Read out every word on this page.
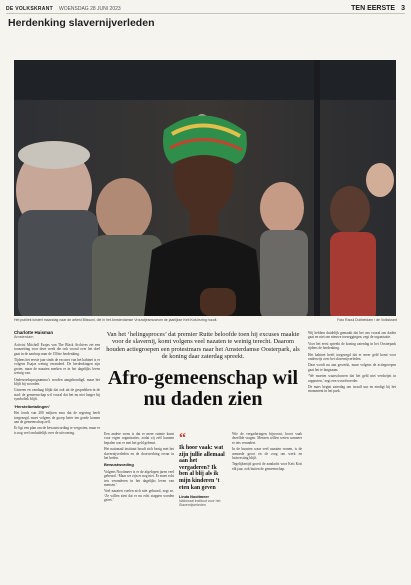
DE VOLKSKRANT WOENSDAG 28 JUNI 2023	TEN EERSTE 3
Herdenking slavernijverleden
Het publiek luistert maandag naar de artiest Blissoni, die in het Amsterdamse Vrouwtjesmuseum de jaarlijkse Keti Koti-lezing houdt.	Foto Raoul Dubbeldam / de Volkskrant
Charlotte Huisman
Amsterdam

Activist Mitchell Esajas van The Black Archives zet een toonzetting voor deze week die ook vooral over het doel gaat in de aanloop naar de 150ste herdenking.

Tijdens het eerste jaar sinds de excuses van het kabinet is er volgens Esajas weinig veranderd. De herdenkingen zijn groter, maar de nazaten merken er in het dagelijks leven weinig van.

Onderzoeksprogramma’s worden aangekondigd, maar het blijft bij woorden.

Gisteren en vandaag blijkt dat ook uit de gesprekken in de stad: de gemeenschap wil vooral dat het nu niet langer bij symboliek blijft.

‘Herstelbetalingen’

Het fonds van 200 miljoen euro dat de regering heeft toegezegd, moet volgens de groep beter ten goede komen aan de gemeenschap zelf.

Er ligt een plan om de bewustwording te vergroten, maar er is nog veel onduidelijk over de uitvoering.

Van het ‘helingsproces’ dat premier Rutte beloofde toen hij excuses maakte voor de slavernij, komt volgens veel nazaten te weinig terecht. Daarom houden actiegroepen een protestmars naar het Amsterdamse Oosterpark, als de koning daar zaterdag spreekt.
Afro-gemeenschap wil nu daden zien

Een andere wens is dat er meer ruimte komt voor eigen organisaties, zodat zij zelf kunnen bepalen wat er met het geld gebeurt.

Het nationaal instituut houdt zich bezig met het slavernijverleden en de doorwerking ervan in het heden.

Bewustwording

Volgens Nooitmeer is er de afgelopen jaren veel gebeurd. ‘Maar we zijn er nog niet. Er moet echt iets veranderen in het dagelijks leven van mensen.’

Veel nazaten voelen zich niet gehoord, zegt ze. ‘Ze willen zien dat er nu echt stappen worden gezet.’

“
Ik hoor vaak: wat zijn jullie allemaal aan het vergaderen? Ik ben al blij als ik mijn kinderen ’t eten kan geven
Linda Nooitmeer
Nationaal instituut voor het Slavernijverleden

Wie de vergaderingen bijwoont, hoort vaak dezelfde vragen. Mensen willen weten wanneer er iets verandert.

In de buurten waar veel nazaten wonen, is de armoede groot en de zorg om werk en huisvesting blijft.

Tegelijkertijd groeit de aandacht voor Keti Koti elk jaar, ook buiten de gemeenschap.

Wij hebben duidelijk gemaakt dat het ons vooral om daden gaat en niet om nieuwe toezeggingen, zegt de organisatie.

Voor het eerst spreekt de koning zaterdag in het Oosterpark tijdens de herdenking.

Het kabinet heeft toegezegd dat er meer geld komt voor onderwijs over het slavernijverleden.

Daar wordt nu aan gewerkt, maar volgens de actiegroepen gaat het te langzaam.

‘We moeten waarschuwen dat het geld niet verdwijnt in rapporten,’ zegt een woordvoerder.

De mars begint zaterdag om twaalf uur en eindigt bij het monument in het park.
